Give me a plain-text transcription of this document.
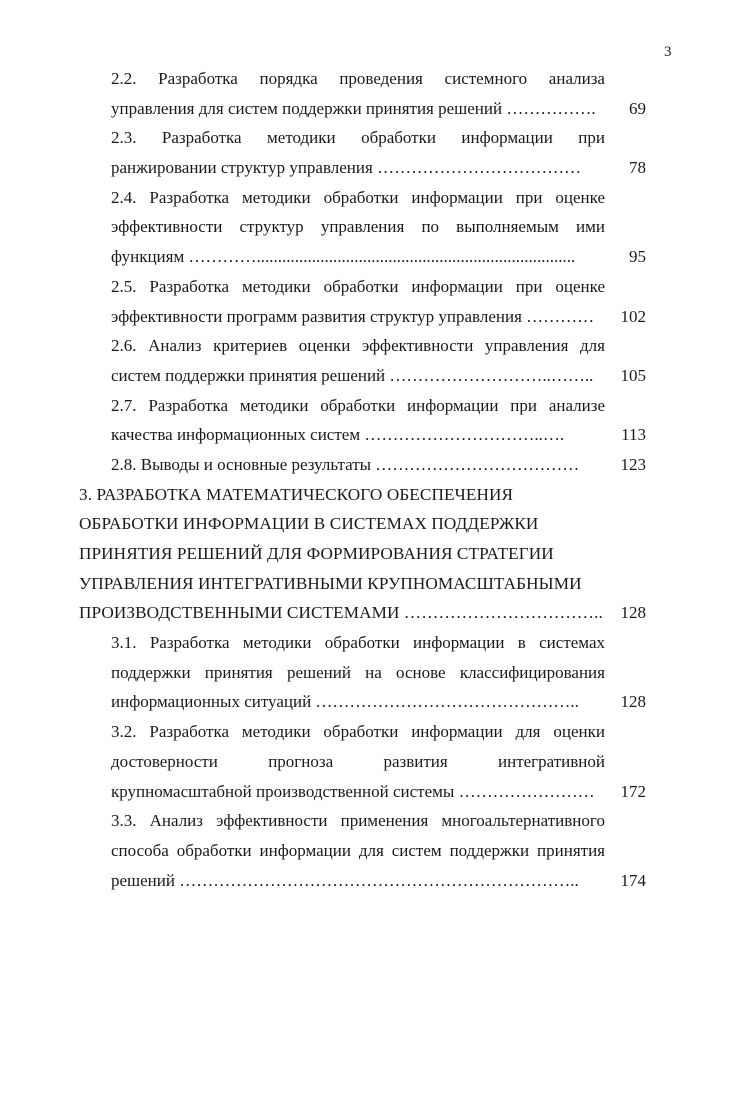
3
2.2. Разработка порядка проведения системного анализа
управления для систем поддержки принятия решений …………….	69
2.3. Разработка методики обработки информации при
ранжировании структур управления ………………………………	78
2.4. Разработка методики обработки информации при оценке
эффективности структур управления по выполняемым ими
функциям …………...........................................................................	95
2.5. Разработка методики обработки информации при оценке
эффективности программ развития структур управления …………	102
2.6. Анализ критериев оценки эффективности управления для
систем поддержки принятия решений ………………………..……..	105
2.7. Разработка методики обработки информации при анализе
качества информационных систем …………………………..….	113
2.8. Выводы и основные результаты ………………………………	123
3. РАЗРАБОТКА МАТЕМАТИЧЕСКОГО ОБЕСПЕЧЕНИЯ
ОБРАБОТКИ ИНФОРМАЦИИ В СИСТЕМАХ ПОДДЕРЖКИ
ПРИНЯТИЯ РЕШЕНИЙ ДЛЯ ФОРМИРОВАНИЯ СТРАТЕГИИ
УПРАВЛЕНИЯ ИНТЕГРАТИВНЫМИ КРУПНОМАСШТАБНЫМИ
ПРОИЗВОДСТВЕННЫМИ СИСТЕМАМИ ……………………………..	128
3.1. Разработка методики обработки информации в системах
поддержки принятия решений на основе классифицирования
информационных ситуаций ………………………………………..	128
3.2. Разработка методики обработки информации для оценки
достоверности	прогноза	развития	интегративной
крупномасштабной производственной системы ……………………	172
3.3. Анализ эффективности применения многоальтернативного
способа обработки информации для систем поддержки принятия
решений ……………………………………………………………..	174
